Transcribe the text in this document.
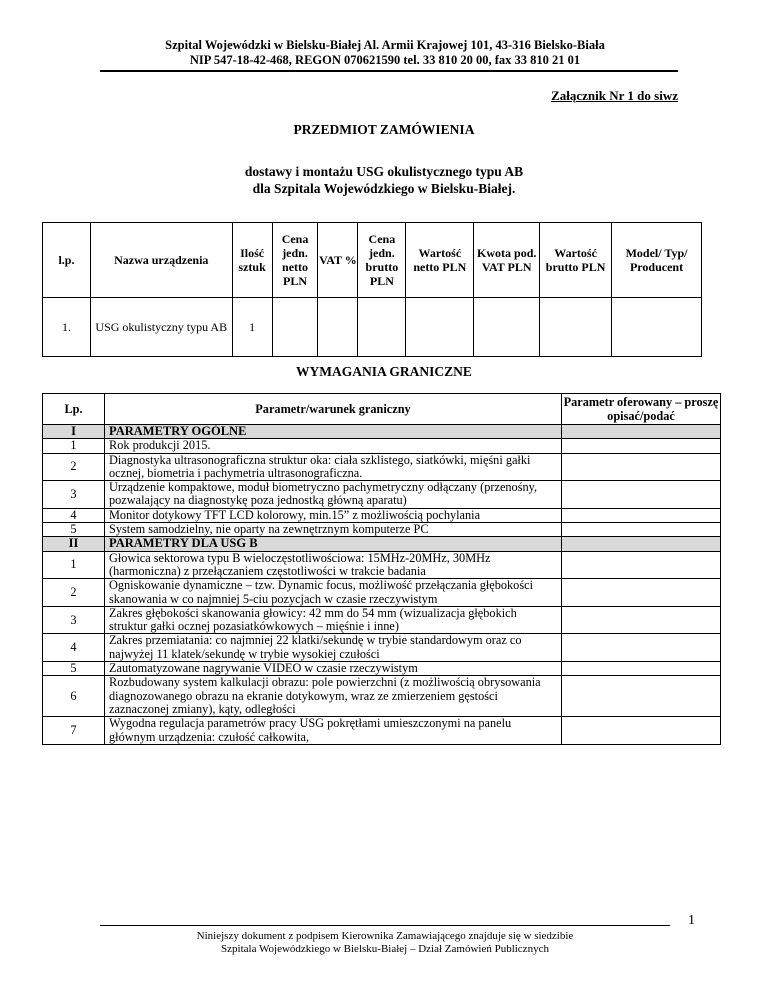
Szpital Wojewódzki w Bielsku-Białej Al. Armii Krajowej 101, 43-316 Bielsko-Biała
NIP 547-18-42-468, REGON 070621590 tel. 33 810 20 00, fax 33 810 21 01
Załącznik Nr 1 do siwz
PRZEDMIOT ZAMÓWIENIA
dostawy i montażu USG okulistycznego typu AB
dla Szpitala Wojewódzkiego w Bielsku-Białej.
l.p.	Nazwa urządzenia	Ilość sztuk	Cena jedn. netto PLN	VAT %	Cena jedn. brutto PLN	Wartość netto PLN	Kwota pod. VAT PLN	Wartość brutto PLN	Model/ Typ/ Producent
1.	USG okulistyczny typu AB	1							
WYMAGANIA GRANICZNE
Lp.	Parametr/warunek graniczny	Parametr oferowany – proszę opisać/podać
I	PARAMETRY OGÓLNE	
1	Rok produkcji 2015.	
2	Diagnostyka ultrasonograficzna struktur oka: ciała szklistego, siatkówki, mięśni gałki ocznej, biometria i pachymetria ultrasonograficzna.	
3	Urządzenie kompaktowe, moduł biometryczno pachymetryczny odłączany (przenośny, pozwalający na diagnostykę poza jednostką główną aparatu)	
4	Monitor dotykowy TFT LCD kolorowy, min.15” z możliwością pochylania	
5	System samodzielny, nie oparty na zewnętrznym komputerze PC	
II	PARAMETRY DLA USG B	
1	Głowica sektorowa typu B wieloczęstotliwościowa: 15MHz-20MHz, 30MHz (harmoniczna) z przełączaniem częstotliwości w trakcie badania	
2	Ogniskowanie dynamiczne – tzw. Dynamic focus, możliwość przełączania głębokości skanowania w co najmniej 5-ciu pozycjach w czasie rzeczywistym	
3	Zakres głębokości skanowania głowicy: 42 mm do 54 mm (wizualizacja głębokich struktur gałki ocznej pozasiatkówkowych – mięśnie i inne)	
4	Zakres przemiatania: co najmniej 22 klatki/sekundę w trybie standardowym oraz co najwyżej 11 klatek/sekundę w trybie wysokiej czułości	
5	Zautomatyzowane nagrywanie VIDEO w czasie rzeczywistym	
6	Rozbudowany system kalkulacji obrazu: pole powierzchni (z możliwością obrysowania diagnozowanego obrazu na ekranie dotykowym, wraz ze zmierzeniem gęstości zaznaczonej zmiany), kąty, odległości	
7	Wygodna regulacja parametrów pracy USG pokrętłami umieszczonymi na panelu głównym urządzenia: czułość całkowita,	
Niniejszy dokument z podpisem Kierownika Zamawiającego znajduje się w siedzibie
Szpitala Wojewódzkiego w Bielsku-Białej – Dział Zamówień Publicznych
1
